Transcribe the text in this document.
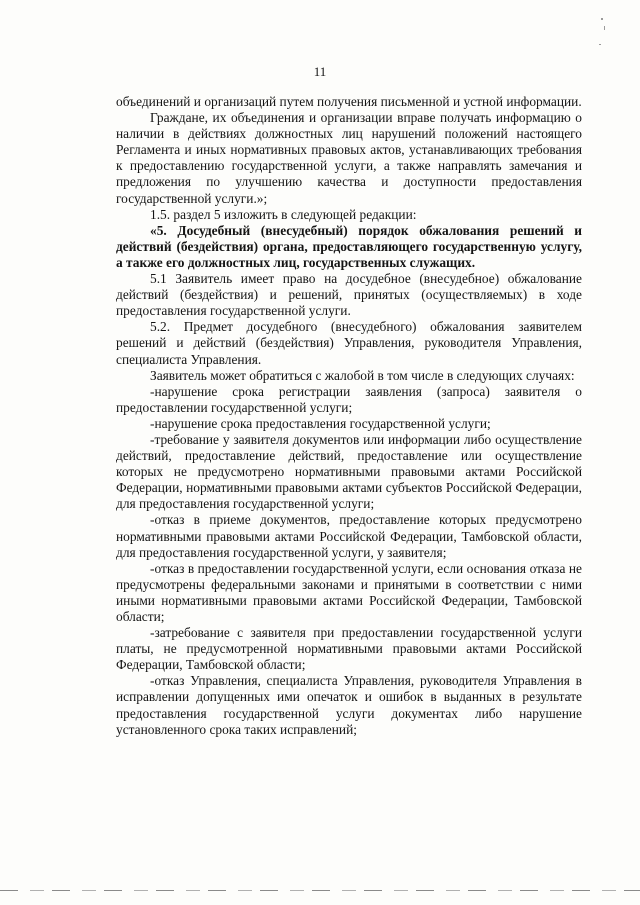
11

объединений и организаций путем получения письменной и устной информации.

Граждане, их объединения и организации вправе получать информацию о наличии в действиях должностных лиц нарушений положений настоящего Регламента и иных нормативных правовых актов, устанавливающих требования к предоставлению государственной услуги, а также направлять замечания и предложения по улучшению качества и доступности предоставления государственной услуги.»;

1.5. раздел 5 изложить в следующей редакции:

«5. Досудебный (внесудебный) порядок обжалования решений и действий (бездействия) органа, предоставляющего государственную услугу, а также его должностных лиц, государственных служащих.

5.1 Заявитель имеет право на досудебное (внесудебное) обжалование действий (бездействия) и решений, принятых (осуществляемых) в ходе предоставления государственной услуги.

5.2. Предмет досудебного (внесудебного) обжалования заявителем решений и действий (бездействия) Управления, руководителя Управления, специалиста Управления.

Заявитель может обратиться с жалобой в том числе в следующих случаях:

-нарушение срока регистрации заявления (запроса) заявителя о предоставлении государственной услуги;

-нарушение срока предоставления государственной услуги;

-требование у заявителя документов или информации либо осуществление действий, предоставление действий, предоставление или осуществление которых не предусмотрено нормативными правовыми актами Российской Федерации, нормативными правовыми актами субъектов Российской Федерации, для предоставления государственной услуги;

-отказ в приеме документов, предоставление которых предусмотрено нормативными правовыми актами Российской Федерации, Тамбовской области, для предоставления государственной услуги, у заявителя;

-отказ в предоставлении государственной услуги, если основания отказа не предусмотрены федеральными законами и принятыми в соответствии с ними иными нормативными правовыми актами Российской Федерации, Тамбовской области;

-затребование с заявителя при предоставлении государственной услуги платы, не предусмотренной нормативными правовыми актами Российской Федерации, Тамбовской области;

-отказ Управления, специалиста Управления, руководителя Управления в исправлении допущенных ими опечаток и ошибок в выданных в результате предоставления государственной услуги документах либо нарушение установленного срока таких исправлений;
